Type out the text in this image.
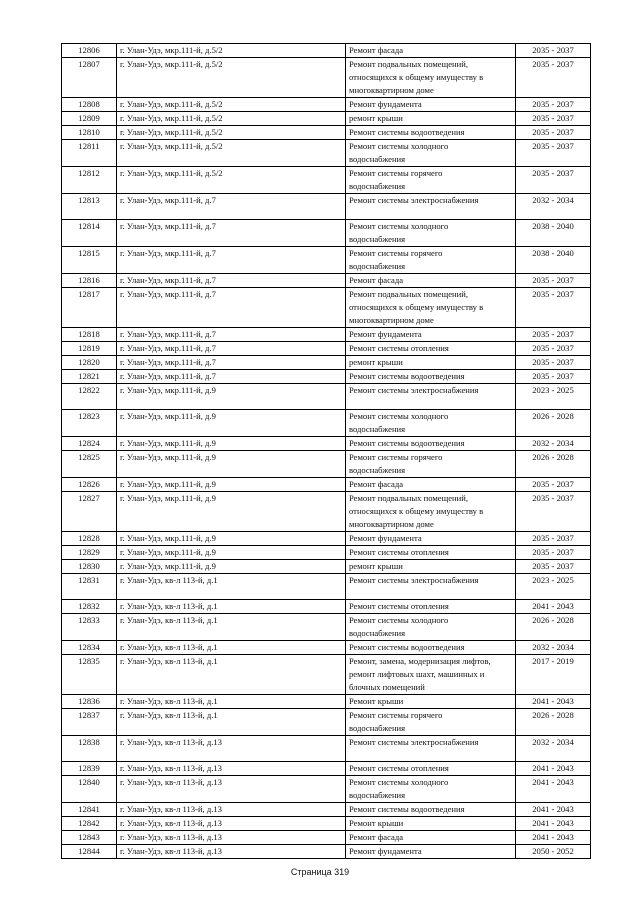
12806	г. Улан-Удэ, мкр.111-й, д.5/2	Ремонт фасада	2035 - 2037
12807	г. Улан-Удэ, мкр.111-й, д.5/2	Ремонт подвальных помещений,
относящихся к общему имуществу в
многоквартирном доме	2035 - 2037
12808	г. Улан-Удэ, мкр.111-й, д.5/2	Ремонт фундамента	2035 - 2037
12809	г. Улан-Удэ, мкр.111-й, д.5/2	ремонт крыши	2035 - 2037
12810	г. Улан-Удэ, мкр.111-й, д.5/2	Ремонт системы водоотведения	2035 - 2037
12811	г. Улан-Удэ, мкр.111-й, д.5/2	Ремонт системы холодного
водоснабжения	2035 - 2037
12812	г. Улан-Удэ, мкр.111-й, д.5/2	Ремонт системы горячего
водоснабжения	2035 - 2037
12813	г. Улан-Удэ, мкр.111-й, д.7	Ремонт системы электроснабжения	2032 - 2034
12814	г. Улан-Удэ, мкр.111-й, д.7	Ремонт системы холодного
водоснабжения	2038 - 2040
12815	г. Улан-Удэ, мкр.111-й, д.7	Ремонт системы горячего
водоснабжения	2038 - 2040
12816	г. Улан-Удэ, мкр.111-й, д.7	Ремонт фасада	2035 - 2037
12817	г. Улан-Удэ, мкр.111-й, д.7	Ремонт подвальных помещений,
относящихся к общему имуществу в
многоквартирном доме	2035 - 2037
12818	г. Улан-Удэ, мкр.111-й, д.7	Ремонт фундамента	2035 - 2037
12819	г. Улан-Удэ, мкр.111-й, д.7	Ремонт системы отопления	2035 - 2037
12820	г. Улан-Удэ, мкр.111-й, д.7	ремонт крыши	2035 - 2037
12821	г. Улан-Удэ, мкр.111-й, д.7	Ремонт системы водоотведения	2035 - 2037
12822	г. Улан-Удэ, мкр.111-й, д.9	Ремонт системы электроснабжения	2023 - 2025
12823	г. Улан-Удэ, мкр.111-й, д.9	Ремонт системы холодного
водоснабжения	2026 - 2028
12824	г. Улан-Удэ, мкр.111-й, д.9	Ремонт системы водоотведения	2032 - 2034
12825	г. Улан-Удэ, мкр.111-й, д.9	Ремонт системы горячего
водоснабжения	2026 - 2028
12826	г. Улан-Удэ, мкр.111-й, д.9	Ремонт фасада	2035 - 2037
12827	г. Улан-Удэ, мкр.111-й, д.9	Ремонт подвальных помещений,
относящихся к общему имуществу в
многоквартирном доме	2035 - 2037
12828	г. Улан-Удэ, мкр.111-й, д.9	Ремонт фундамента	2035 - 2037
12829	г. Улан-Удэ, мкр.111-й, д.9	Ремонт системы отопления	2035 - 2037
12830	г. Улан-Удэ, мкр.111-й, д.9	ремонт крыши	2035 - 2037
12831	г. Улан-Удэ, кв-л 113-й, д.1	Ремонт системы электроснабжения	2023 - 2025
12832	г. Улан-Удэ, кв-л 113-й, д.1	Ремонт системы отопления	2041 - 2043
12833	г. Улан-Удэ, кв-л 113-й, д.1	Ремонт системы холодного
водоснабжения	2026 - 2028
12834	г. Улан-Удэ, кв-л 113-й, д.1	Ремонт системы водоотведения	2032 - 2034
12835	г. Улан-Удэ, кв-л 113-й, д.1	Ремонт, замена, модернизация лифтов,
ремонт лифтовых шахт, машинных и
блочных помещений	2017 - 2019
12836	г. Улан-Удэ, кв-л 113-й, д.1	Ремонт крыши	2041 - 2043
12837	г. Улан-Удэ, кв-л 113-й, д.1	Ремонт системы горячего
водоснабжения	2026 - 2028
12838	г. Улан-Удэ, кв-л 113-й, д.13	Ремонт системы электроснабжения	2032 - 2034
12839	г. Улан-Удэ, кв-л 113-й, д.13	Ремонт системы отопления	2041 - 2043
12840	г. Улан-Удэ, кв-л 113-й, д.13	Ремонт системы холодного
водоснабжения	2041 - 2043
12841	г. Улан-Удэ, кв-л 113-й, д.13	Ремонт системы водоотведения	2041 - 2043
12842	г. Улан-Удэ, кв-л 113-й, д.13	Ремонт крыши	2041 - 2043
12843	г. Улан-Удэ, кв-л 113-й, д.13	Ремонт фасада	2041 - 2043
12844	г. Улан-Удэ, кв-л 113-й, д.13	Ремонт фундамента	2050 - 2052
Страница 319
